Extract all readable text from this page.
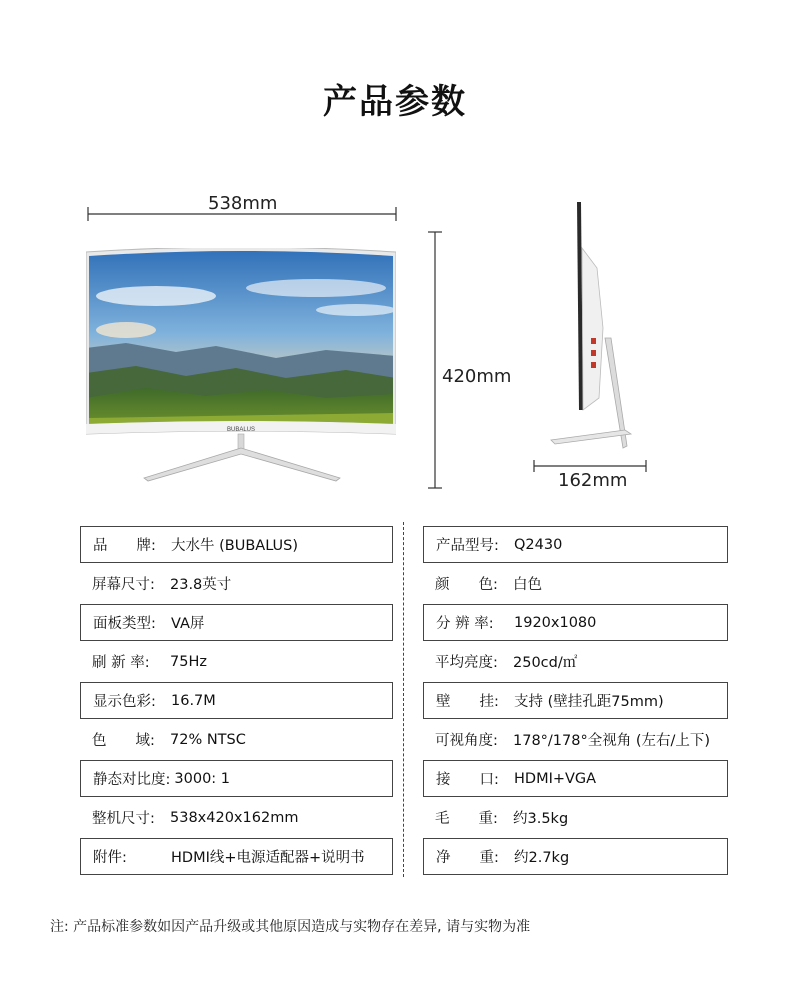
产品参数
538mm
420mm
BUBALUS
162mm
品　　牌:	大水牛 (BUBALUS)
屏幕尺寸:	23.8英寸
面板类型:	VA屏
刷 新 率:	75Hz
显示色彩:	16.7M
色　　域:	72% NTSC
静态对比度: 3000: 1
整机尺寸:	538x420x162mm
附件:	HDMI线+电源适配器+说明书
产品型号:	Q2430
颜　　色:	白色
分 辨 率:	1920x1080
平均亮度:	250cd/㎡
壁　　挂:	支持 (壁挂孔距75mm)
可视角度:	178°/178°全视角 (左右/上下)
接　　口:	HDMI+VGA
毛　　重:	约3.5kg
净　　重:	约2.7kg
注: 产品标准参数如因产品升级或其他原因造成与实物存在差异, 请与实物为准
